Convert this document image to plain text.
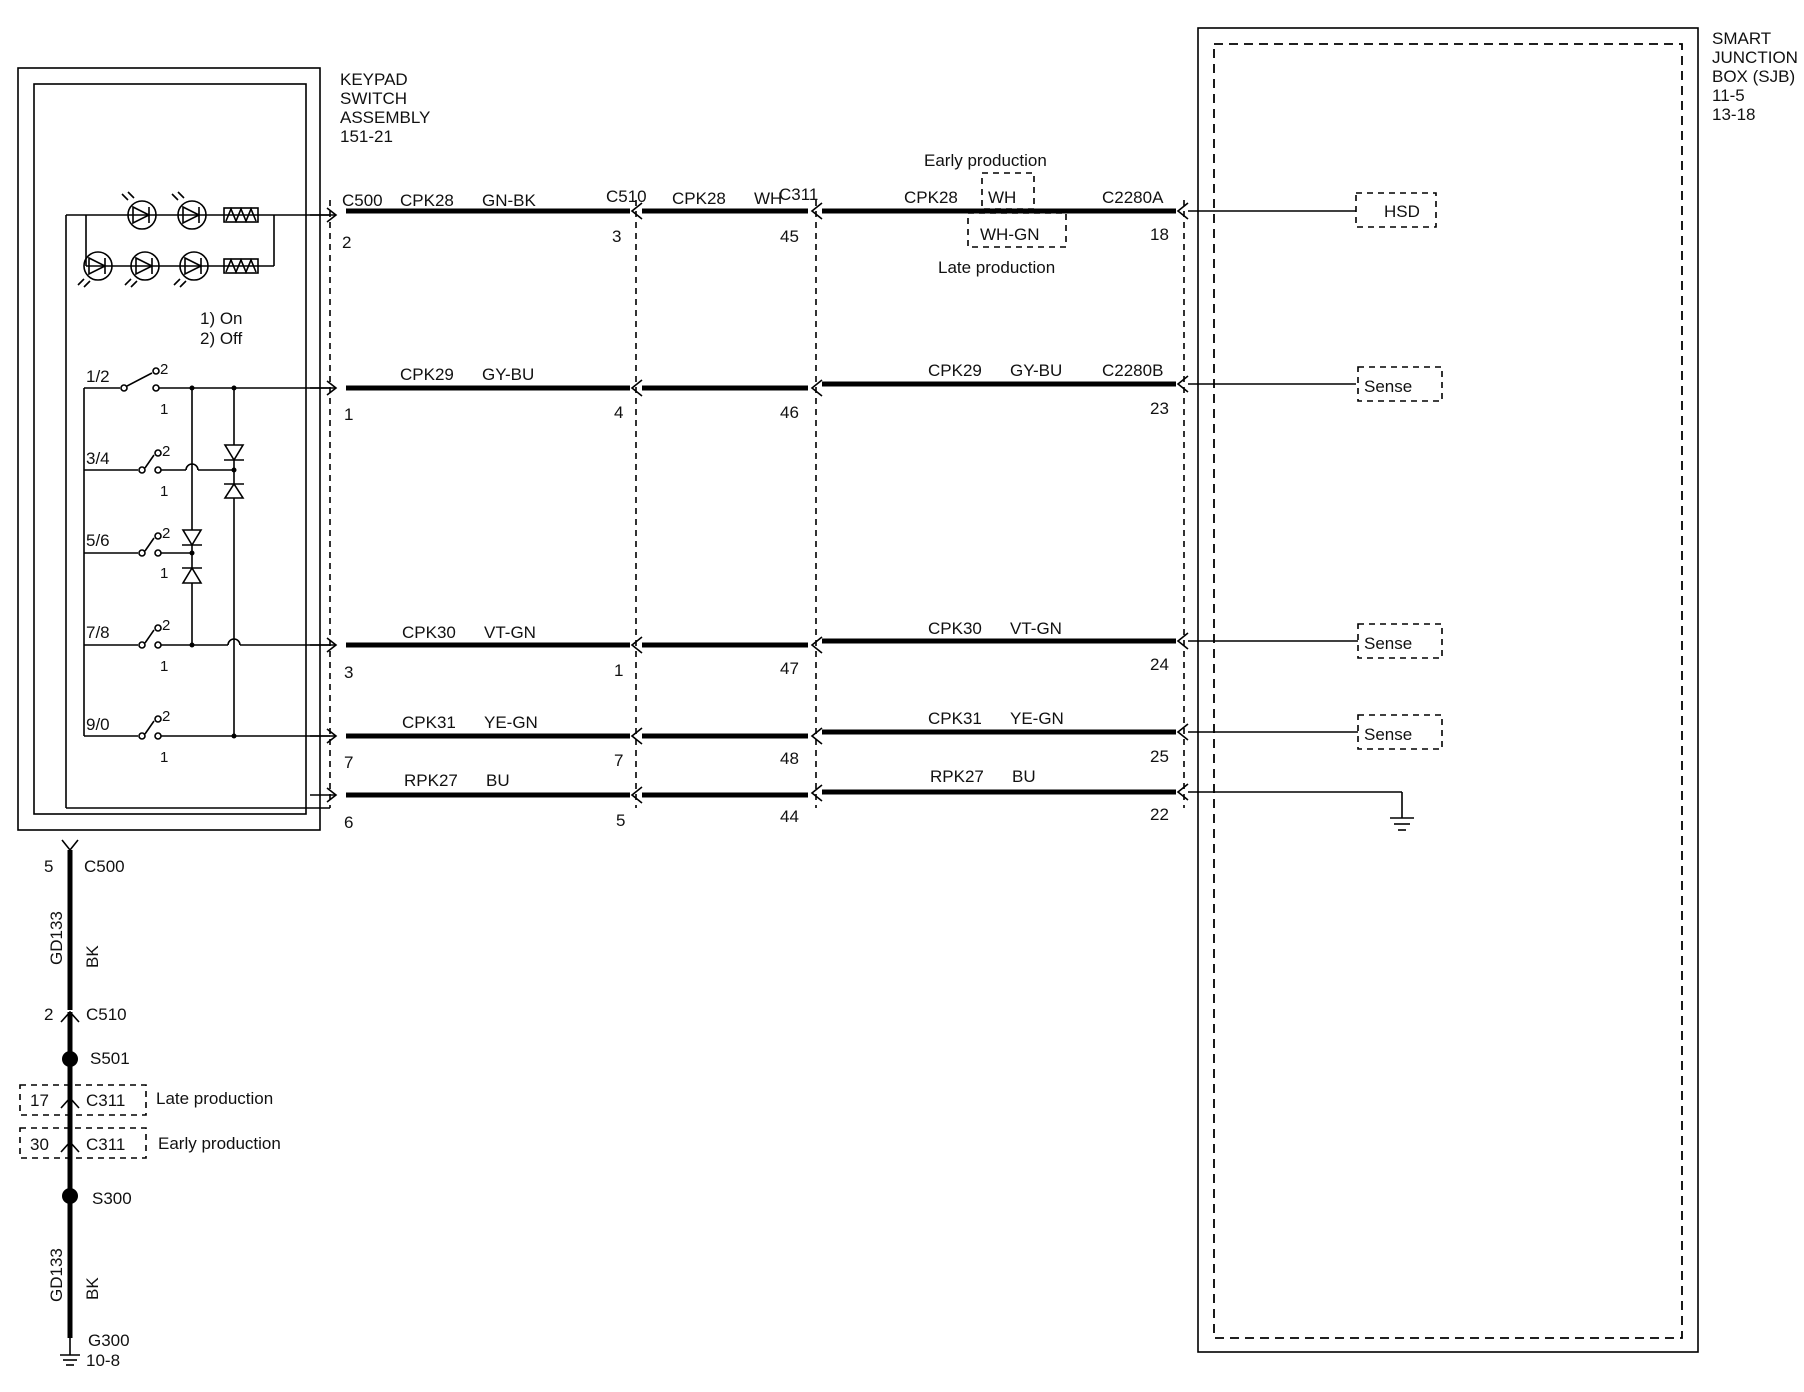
KEYPAD
SWITCH
ASSEMBLY
151-21
1) On
2) Off
1/2	2
1
3/4	2
1
5/6	2
1
7/8	2
1
9/0	2
1
C500
2
CPK28 GN-BK	C510
3
CPK28 WH
C311
45
CPK28
Early production
WH
WH-GN
Late production
C2280A
18
HSD
1
CPK29 GY-BU
4	46
CPK29 GY-BU C2280B
23
Sense
3
CPK30 VT-GN
1	47
CPK30 VT-GN
24
Sense
7
CPK31 YE-GN
7	48
CPK31 YE-GN
25
Sense
6
RPK27 BU
5	44
RPK27 BU
22
SMART
JUNCTION
BOX (SJB)
11-5
13-18
5 C500
GD133 BK
2 C510
S501
17 C311 Late production
30 C311 Early production
S300
GD133 BK
G300
10-8
